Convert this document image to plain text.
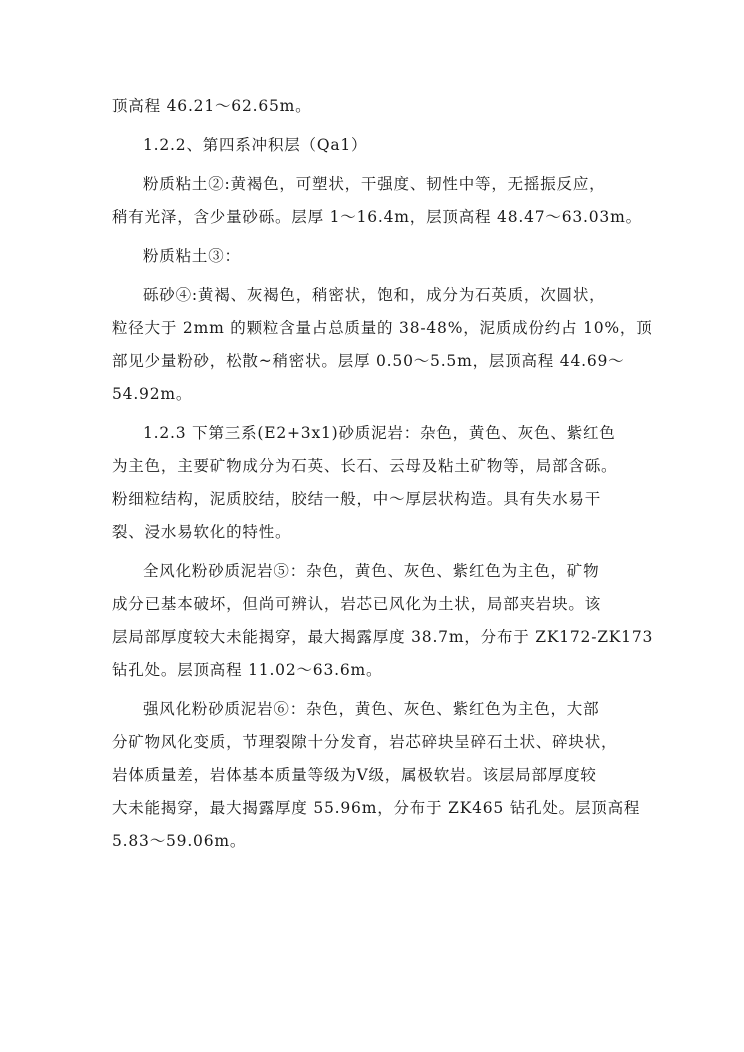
顶高程 46.21～62.65m。

1.2.2、第四系冲积层（Qa1）

粉质粘土②:黄褐色，可塑状，干强度、韧性中等，无摇振反应，
稍有光泽，含少量砂砾。层厚 1～16.4m，层顶高程 48.47～63.03m。

粉质粘土③：

砾砂④:黄褐、灰褐色，稍密状，饱和，成分为石英质，次圆状，
粒径大于 2mm 的颗粒含量占总质量的 38-48%，泥质成份约占 10%，顶
部见少量粉砂，松散~稍密状。层厚 0.50～5.5m，层顶高程 44.69～
54.92m。

1.2.3 下第三系(E2+3x1)砂质泥岩：杂色，黄色、灰色、紫红色
为主色，主要矿物成分为石英、长石、云母及粘土矿物等，局部含砾。
粉细粒结构，泥质胶结，胶结一般，中～厚层状构造。具有失水易干
裂、浸水易软化的特性。

全风化粉砂质泥岩⑤：杂色，黄色、灰色、紫红色为主色，矿物
成分已基本破坏，但尚可辨认，岩芯已风化为土状，局部夹岩块。该
层局部厚度较大未能揭穿，最大揭露厚度 38.7m，分布于 ZK172-ZK173
钻孔处。层顶高程 11.02～63.6m。

强风化粉砂质泥岩⑥：杂色，黄色、灰色、紫红色为主色，大部
分矿物风化变质，节理裂隙十分发育，岩芯碎块呈碎石土状、碎块状，
岩体质量差，岩体基本质量等级为Ⅴ级，属极软岩。该层局部厚度较
大未能揭穿，最大揭露厚度 55.96m，分布于 ZK465 钻孔处。层顶高程
5.83～59.06m。
